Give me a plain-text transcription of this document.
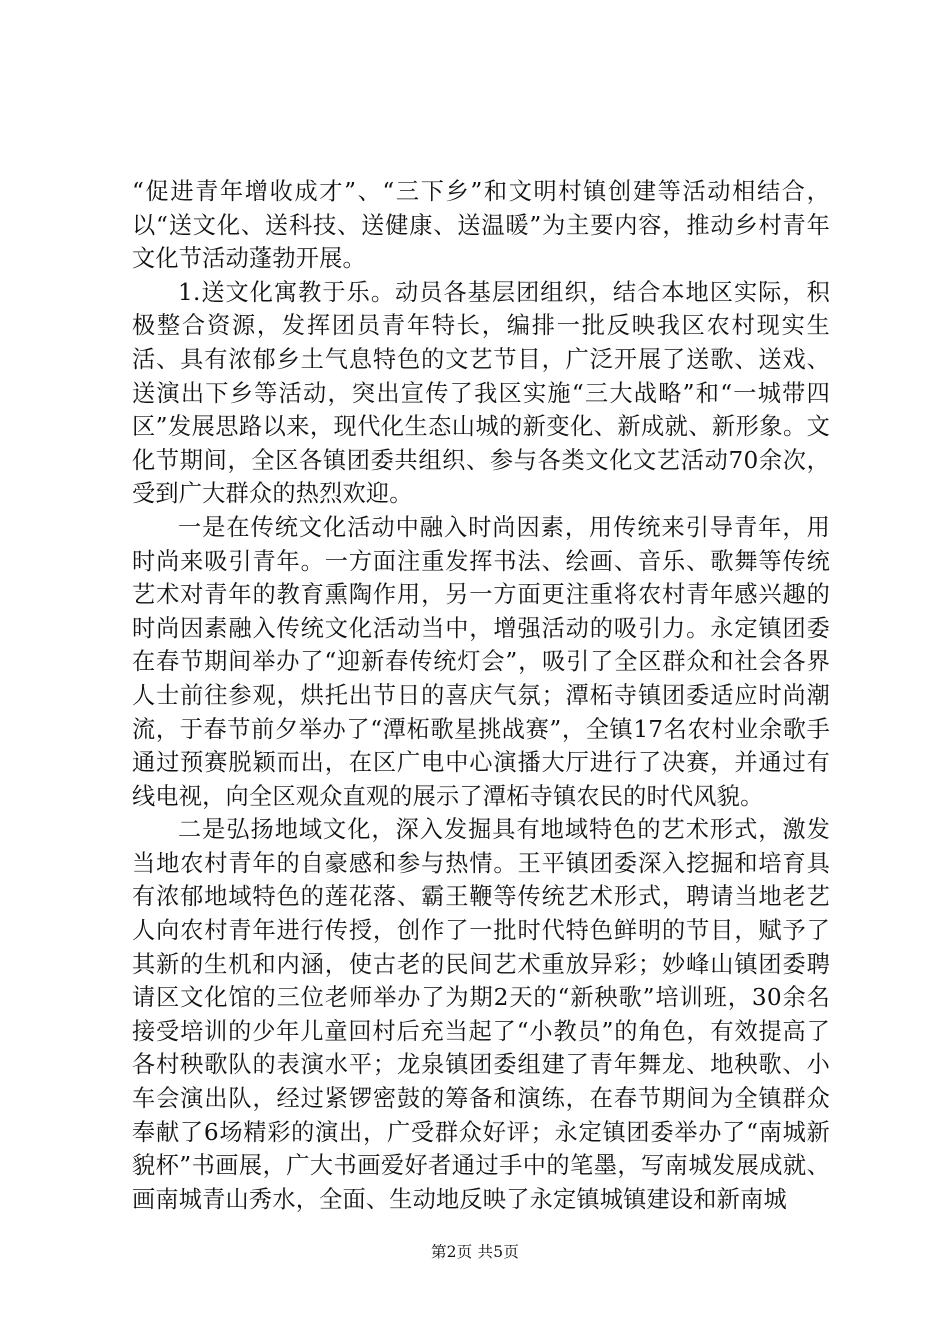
“促进青年增收成才”、“三下乡”和文明村镇创建等活动相结合，以“送文化、送科技、送健康、送温暖”为主要内容，推动乡村青年文化节活动蓬勃开展。

1.送文化寓教于乐。动员各基层团组织，结合本地区实际，积极整合资源，发挥团员青年特长，编排一批反映我区农村现实生活、具有浓郁乡土气息特色的文艺节目，广泛开展了送歌、送戏、送演出下乡等活动，突出宣传了我区实施“三大战略”和“一城带四区”发展思路以来，现代化生态山城的新变化、新成就、新形象。文化节期间，全区各镇团委共组织、参与各类文化文艺活动70余次，受到广大群众的热烈欢迎。

一是在传统文化活动中融入时尚因素，用传统来引导青年，用时尚来吸引青年。一方面注重发挥书法、绘画、音乐、歌舞等传统艺术对青年的教育熏陶作用，另一方面更注重将农村青年感兴趣的时尚因素融入传统文化活动当中，增强活动的吸引力。永定镇团委在春节期间举办了“迎新春传统灯会”，吸引了全区群众和社会各界人士前往参观，烘托出节日的喜庆气氛；潭柘寺镇团委适应时尚潮流，于春节前夕举办了“潭柘歌星挑战赛”，全镇17名农村业余歌手通过预赛脱颖而出，在区广电中心演播大厅进行了决赛，并通过有线电视，向全区观众直观的展示了潭柘寺镇农民的时代风貌。

二是弘扬地域文化，深入发掘具有地域特色的艺术形式，激发当地农村青年的自豪感和参与热情。王平镇团委深入挖掘和培育具有浓郁地域特色的莲花落、霸王鞭等传统艺术形式，聘请当地老艺人向农村青年进行传授，创作了一批时代特色鲜明的节目，赋予了其新的生机和内涵，使古老的民间艺术重放异彩；妙峰山镇团委聘请区文化馆的三位老师举办了为期2天的“新秧歌”培训班，30余名接受培训的少年儿童回村后充当起了“小教员”的角色，有效提高了各村秧歌队的表演水平；龙泉镇团委组建了青年舞龙、地秧歌、小车会演出队，经过紧锣密鼓的筹备和演练，在春节期间为全镇群众奉献了6场精彩的演出，广受群众好评；永定镇团委举办了“南城新貌杯”书画展，广大书画爱好者通过手中的笔墨，写南城发展成就、画南城青山秀水，全面、生动地反映了永定镇城镇建设和新南城

第2页 共5页
